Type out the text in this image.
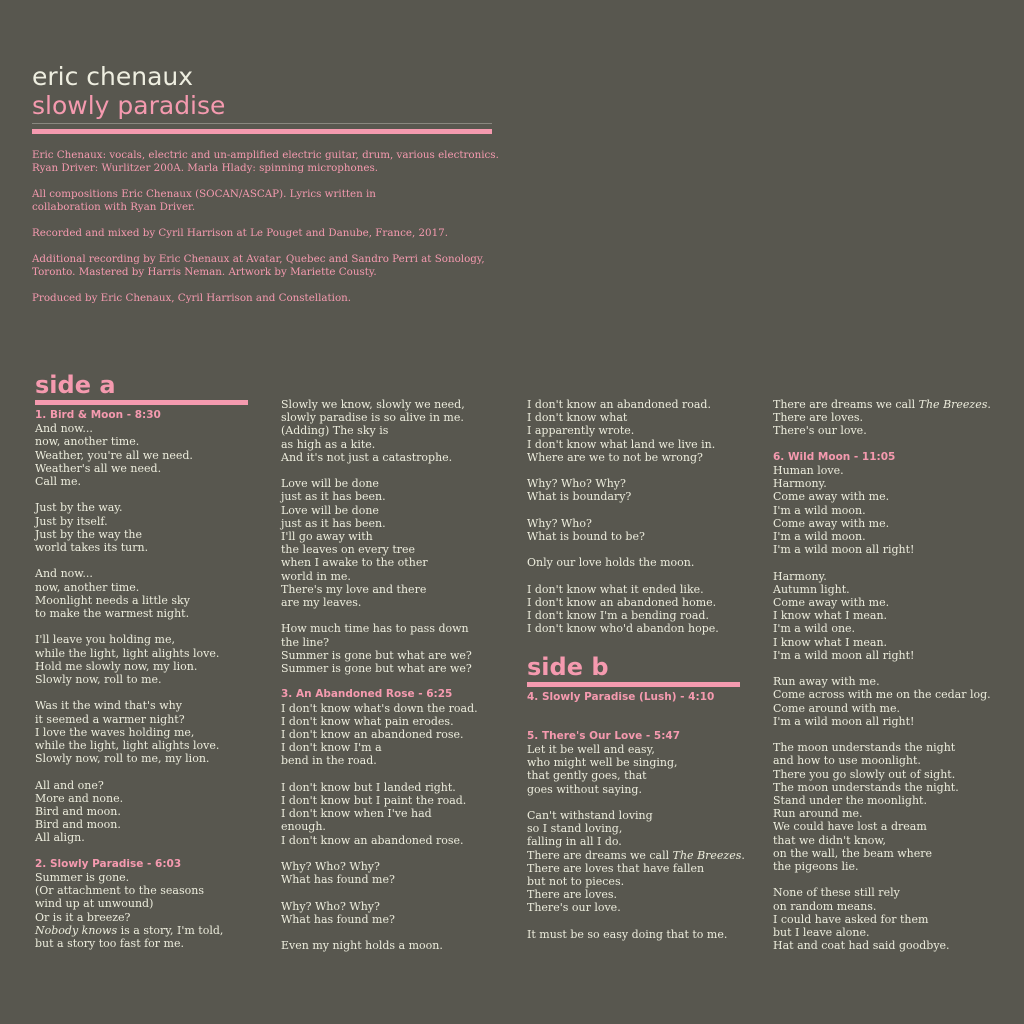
eric chenaux
slowly paradise

Eric Chenaux: vocals, electric and un-amplified electric guitar, drum, various electronics. Ryan Driver: Wurlitzer 200A. Marla Hlady: spinning microphones.

All compositions Eric Chenaux (SOCAN/ASCAP). Lyrics written in collaboration with Ryan Driver.

Recorded and mixed by Cyril Harrison at Le Pouget and Danube, France, 2017.

Additional recording by Eric Chenaux at Avatar, Quebec and Sandro Perri at Sonology, Toronto. Mastered by Harris Neman. Artwork by Mariette Cousty.

Produced by Eric Chenaux, Cyril Harrison and Constellation.

side a
1. Bird & Moon - 8:30
And now...
now, another time.
Weather, you're all we need.
Weather's all we need.
Call me.
Just by the way.
Just by itself.
Just by the way the
world takes its turn.
And now...
now, another time.
Moonlight needs a little sky
to make the warmest night.
I'll leave you holding me,
while the light, light alights love.
Hold me slowly now, my lion.
Slowly now, roll to me.
Was it the wind that's why
it seemed a warmer night?
I love the waves holding me,
while the light, light alights love.
Slowly now, roll to me, my lion.
All and one?
More and none.
Bird and moon.
Bird and moon.
All align.
2. Slowly Paradise - 6:03
Summer is gone.
(Or attachment to the seasons
wind up at unwound)
Or is it a breeze?
Nobody knows is a story, I'm told,
but a story too fast for me.
Slowly we know, slowly we need,
slowly paradise is so alive in me.
(Adding) The sky is
as high as a kite.
And it's not just a catastrophe.
Love will be done
just as it has been.
Love will be done
just as it has been.
I'll go away with
the leaves on every tree
when I awake to the other
world in me.
There's my love and there
are my leaves.
How much time has to pass down
the line?
Summer is gone but what are we?
Summer is gone but what are we?
3. An Abandoned Rose - 6:25
I don't know what's down the road.
I don't know what pain erodes.
I don't know an abandoned rose.
I don't know I'm a
bend in the road.
I don't know but I landed right.
I don't know but I paint the road.
I don't know when I've had
enough.
I don't know an abandoned rose.
Why? Who? Why?
What has found me?
Why? Who? Why?
What has found me?
Even my night holds a moon.
I don't know an abandoned road.
I don't know what
I apparently wrote.
I don't know what land we live in.
Where are we to not be wrong?
Why? Who? Why?
What is boundary?
Why? Who?
What is bound to be?
Only our love holds the moon.
I don't know what it ended like.
I don't know an abandoned home.
I don't know I'm a bending road.
I don't know who'd abandon hope.
side b
4. Slowly Paradise (Lush) - 4:10
5. There's Our Love - 5:47
Let it be well and easy,
who might well be singing,
that gently goes, that
goes without saying.
Can't withstand loving
so I stand loving,
falling in all I do.
There are dreams we call The Breezes.
There are loves that have fallen
but not to pieces.
There are loves.
There's our love.
It must be so easy doing that to me.
There are dreams we call The Breezes.
There are loves.
There's our love.
6. Wild Moon - 11:05
Human love.
Harmony.
Come away with me.
I'm a wild moon.
Come away with me.
I'm a wild moon.
I'm a wild moon all right!
Harmony.
Autumn light.
Come away with me.
I know what I mean.
I'm a wild one.
I know what I mean.
I'm a wild moon all right!
Run away with me.
Come across with me on the cedar log.
Come around with me.
I'm a wild moon all right!
The moon understands the night
and how to use moonlight.
There you go slowly out of sight.
The moon understands the night.
Stand under the moonlight.
Run around me.
We could have lost a dream
that we didn't know,
on the wall, the beam where
the pigeons lie.
None of these still rely
on random means.
I could have asked for them
but I leave alone.
Hat and coat had said goodbye.
